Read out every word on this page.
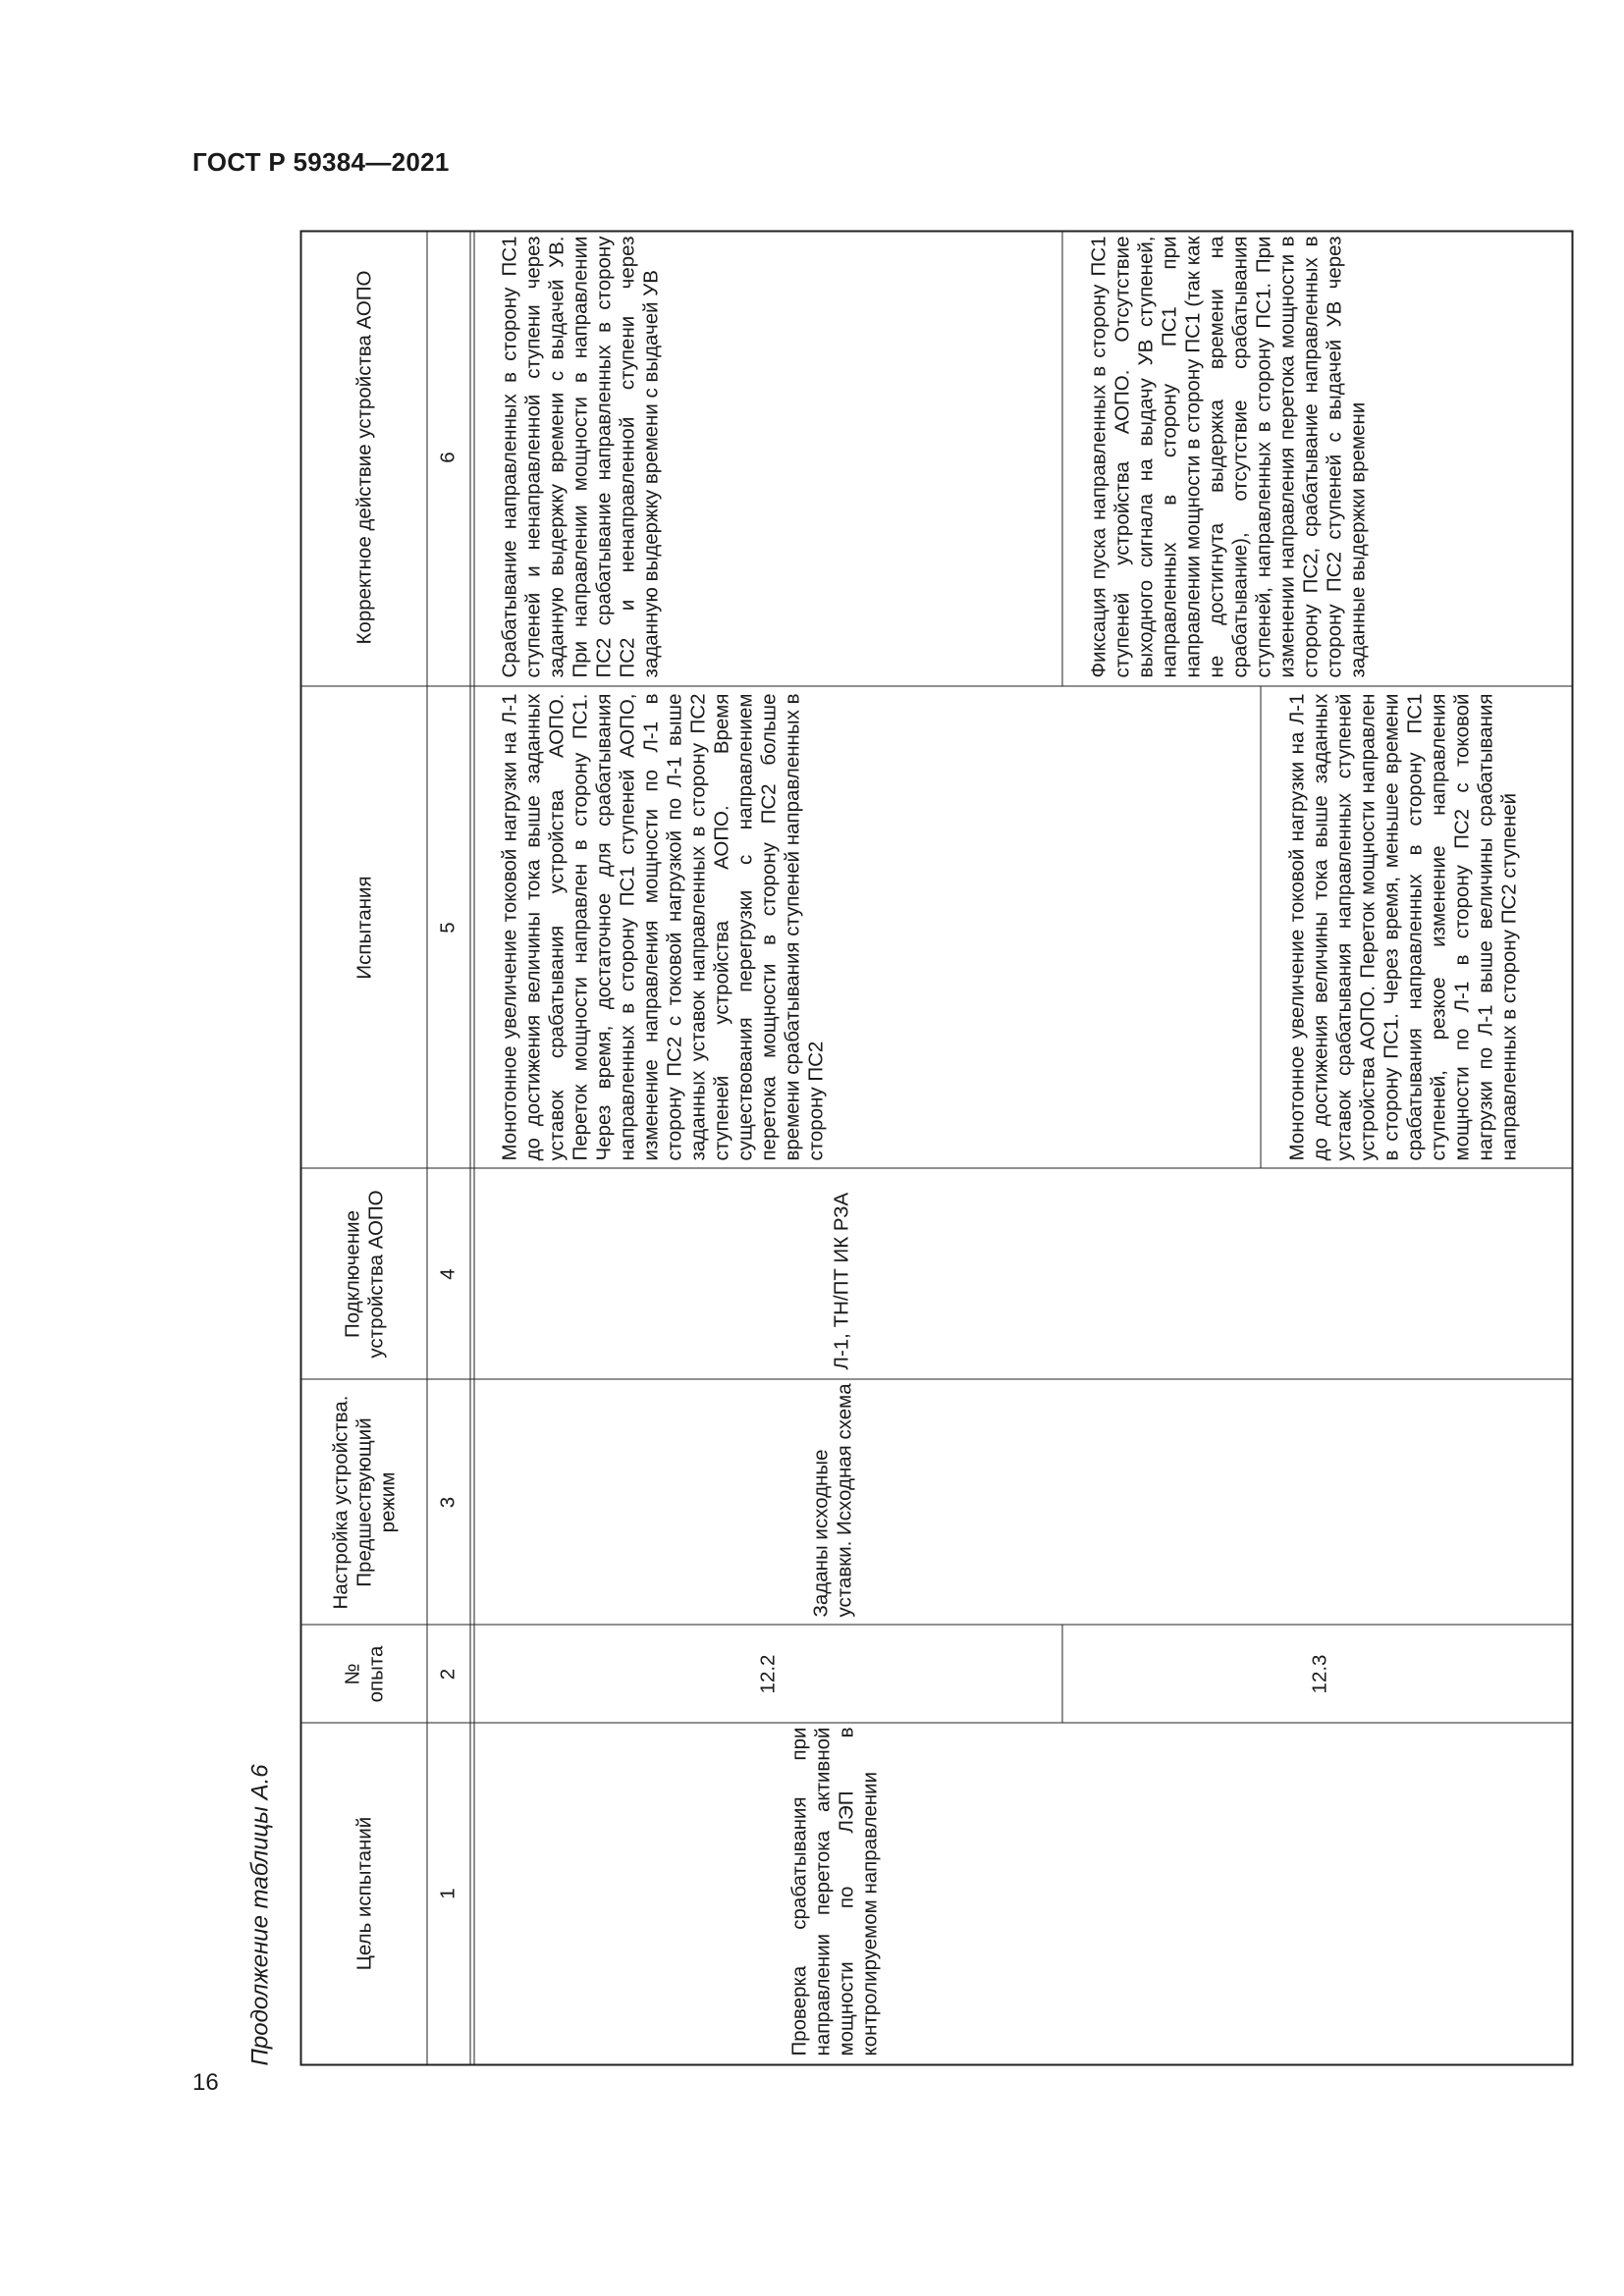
ГОСТ Р 59384—2021
16
Продолжение таблицы А.6	Цель испытаний
№ опыта
Настройка устройства. Предшествующий режим
Подключение устройства АОПО
Испытания
Корректное действие устройства АОПО
1
2
3
4
5
6
Проверка срабатывания при направлении перетока активной мощности по ЛЭП в контролируемом направлении
Заданы исходные уставки. Исходная схема
Л-1, ТН/ПТ ИК РЗА
12.2
Монотонное увеличение токовой нагрузки на Л-1 до достижения величины тока выше заданных уставок срабатывания устройства АОПО. Переток мощности направлен в сторону ПС1. Через время, достаточное для срабатывания направленных в сторону ПС1 ступеней АОПО, изменение направления мощности по Л-1 в сторону ПС2 с токовой нагрузкой по Л-1 выше заданных уставок направленных в сторону ПС2 ступеней устройства АОПО. Время существования перегрузки с направлением перетока мощности в сторону ПС2 больше времени срабатывания ступеней направленных в сторону ПС2
Срабатывание направленных в сторону ПС1 ступеней и ненаправленной ступени через заданную выдержку времени с выдачей УВ. При направлении мощности в направлении ПС2 срабатывание направленных в сторону ПС2 и ненаправленной ступени через заданную выдержку времени с выдачей УВ
12.3
Монотонное увеличение токовой нагрузки на Л-1 до достижения величины тока выше заданных уставок срабатывания направленных ступеней устройства АОПО. Переток мощности направлен в сторону ПС1. Через время, меньшее времени срабатывания направленных в сторону ПС1 ступеней, резкое изменение направления мощности по Л-1 в сторону ПС2 с токовой нагрузки по Л-1 выше величины срабатывания направленных в сторону ПС2 ступеней
Фиксация пуска направленных в сторону ПС1 ступеней устройства АОПО. Отсутствие выходного сигнала на выдачу УВ ступеней, направленных в сторону ПС1 при направлении мощности в сторону ПС1 (так как не достигнута выдержка времени на срабатывание), отсутствие срабатывания ступеней, направленных в сторону ПС1. При изменении направления перетока мощности в сторону ПС2, срабатывание направленных в сторону ПС2 ступеней с выдачей УВ через заданные выдержки времени
